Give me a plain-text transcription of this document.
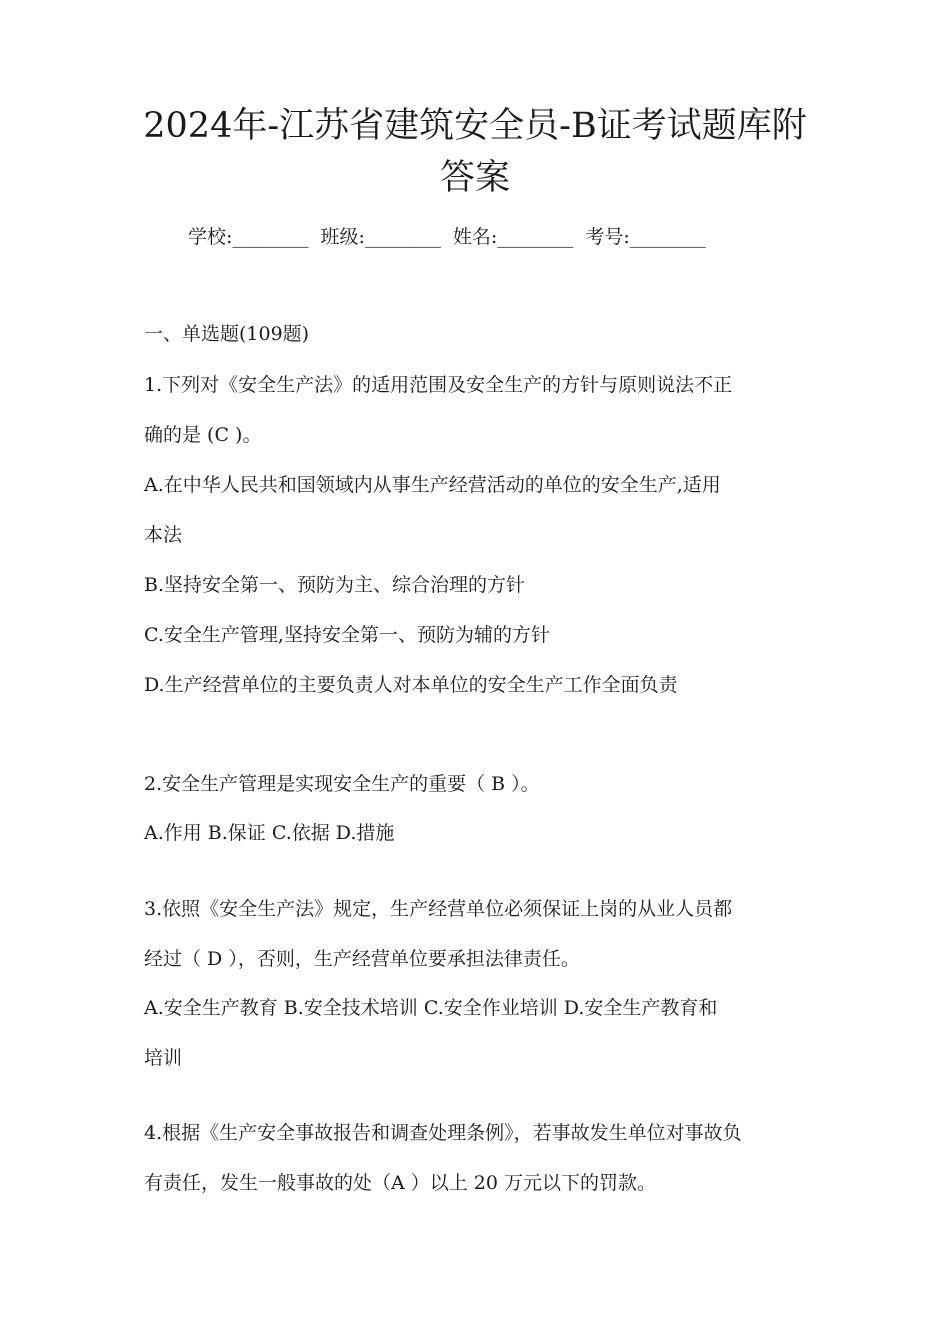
2024年-江苏省建筑安全员-B证考试题库附
答案
学校:________ 班级:________ 姓名:________ 考号:________
一、单选题(109题)
1.下列对《安全生产法》的适用范围及安全生产的方针与原则说法不正
确的是 (C )。
A.在中华人民共和国领域内从事生产经营活动的单位的安全生产,适用
本法
B.坚持安全第一、预防为主、综合治理的方针
C.安全生产管理,坚持安全第一、预防为辅的方针
D.生产经营单位的主要负责人对本单位的安全生产工作全面负责
2.安全生产管理是实现安全生产的重要（ B ）。
A.作用 B.保证 C.依据 D.措施
3.依照《安全生产法》规定，生产经营单位必须保证上岗的从业人员都
经过（ D ），否则，生产经营单位要承担法律责任。
A.安全生产教育 B.安全技术培训 C.安全作业培训 D.安全生产教育和
培训
4.根据《生产安全事故报告和调查处理条例》，若事故发生单位对事故负
有责任，发生一般事故的处（A ）以上 20 万元以下的罚款。
